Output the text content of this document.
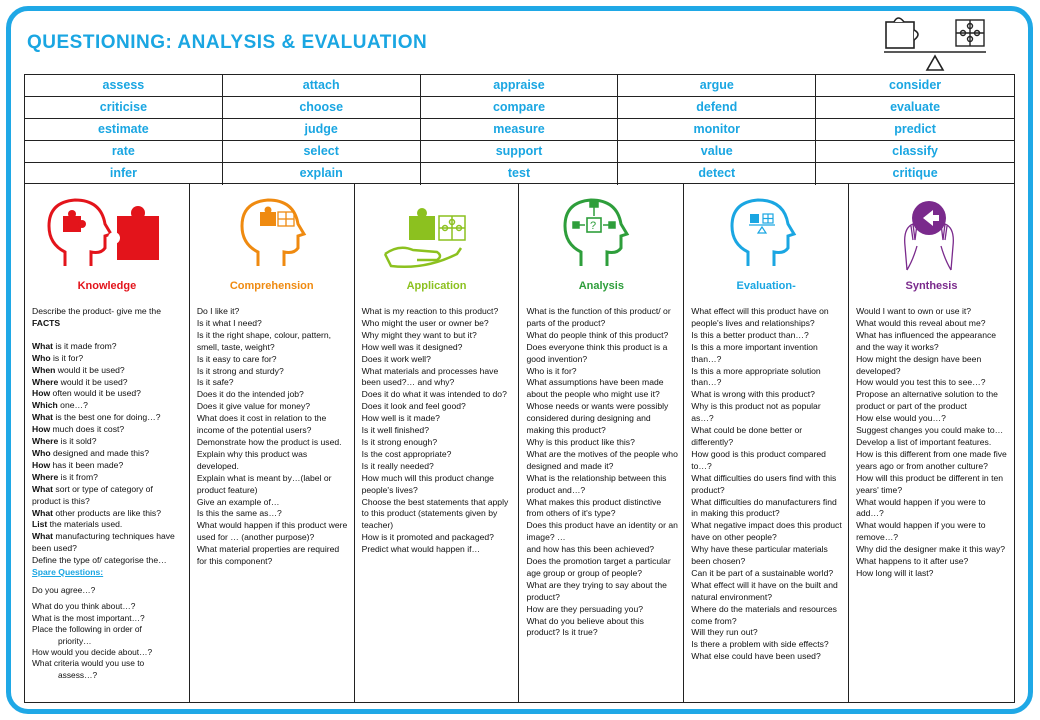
QUESTIONING: ANALYSIS & EVALUATION
assess	attach	appraise	argue	consider
criticise	choose	compare	defend	evaluate
estimate	judge	measure	monitor	predict
rate	select	support	value	classify
infer	explain	test	detect	critique
Knowledge

Describe the product- give me the FACTS

What is it made from?

Who is it for?

When would it be used?

Where would it be used?

How often would it be used?

Which one…?

What is the best one for doing…?

How much does it cost?

Where is it sold?

Who designed and made this?

How has it been made?

Where is it from?

What sort or type of category of product is this?

What other products are like this?

List the materials used.

What manufacturing techniques have been used?

Define the type of/ categorise the…

Spare Questions:

Do you agree…?

What do you think about…?

What is the most important…?

Place the following in order of

priority…

How would you decide about…?

What criteria would you use to

assess…?

Comprehension

Do I like it?

Is it what I need?

Is it the right shape, colour, pattern, smell, taste, weight?

Is it easy to care for?

Is it strong and sturdy?

Is it safe?

Does it do the intended job?

Does it give value for money?

What does it cost in relation to the income of the potential users?

Demonstrate how the product is used.

Explain why this product was developed.

Explain what is meant by…(label or product feature)

Give an example of…

Is this the same as…?

What would happen if this product were used for … (another purpose)?

What material properties are required for this component?

Application

What is my reaction to this product?

Who might the user or owner be?

Why might they want to but it?

How well was it designed?

Does it work well?

What materials and processes have been used?… and why?

Does it do what it was intended to do?

Does it look and feel good?

How well is it made?

Is it well finished?

Is it strong enough?

Is the cost appropriate?

Is it really needed?

How much will this product change people's lives?

Choose the best statements that apply to this product (statements given by teacher)

How is it promoted and packaged?

Predict what would happen if…

?
Analysis

What is the function of this product/ or parts of the product?

What do people think of this product?

Does everyone think this product is a good invention?

Who is it for?

What assumptions have been made about the people who might use it?

Whose needs or wants were possibly considered during designing and making this product?

Why is this product like this?

What are the motives of the people who designed and made it?

What is the relationship between this product and…?

What makes this product distinctive from others of it's type?

Does this product have an identity or an image? …

and how has this been achieved?

Does the promotion target a particular age group or group of people?

What are they trying to say about the product?

How are they persuading you?

What do you believe about this product? Is it true?

Evaluation-

What effect will this product have on people's lives and relationships?

Is this a better product than…?

Is this a more important invention than…?

Is this a more appropriate solution than…?

What is wrong with this product?

Why is this product not as popular as…?

What could be done better or differently?

How good is this product compared to…?

What difficulties do users find with this product?

What difficulties do manufacturers find in making this product?

What negative impact does this product have on other people?

Why have these particular materials been chosen?

Can it be part of a sustainable world?

What effect will it have on the built and natural environment?

Where do the materials and resources come from?

Will they run out?

Is there a problem with side effects?

What else could have been used?

Synthesis

Would I want to own or use it?

What would this reveal about me?

What has influenced the appearance and the way it works?

How might the design have been developed?

How would you test this to see…?

Propose an alternative solution to the product or part of the product

How else would you…?

Suggest changes you could make to…

Develop a list of important features.

How is this different from one made five years ago or from another culture?

How will this product be different in ten years' time?

What would happen if you were to add…?

What would happen if you were to remove…?

Why did the designer make it this way?

What happens to it after use?

How long will it last?
